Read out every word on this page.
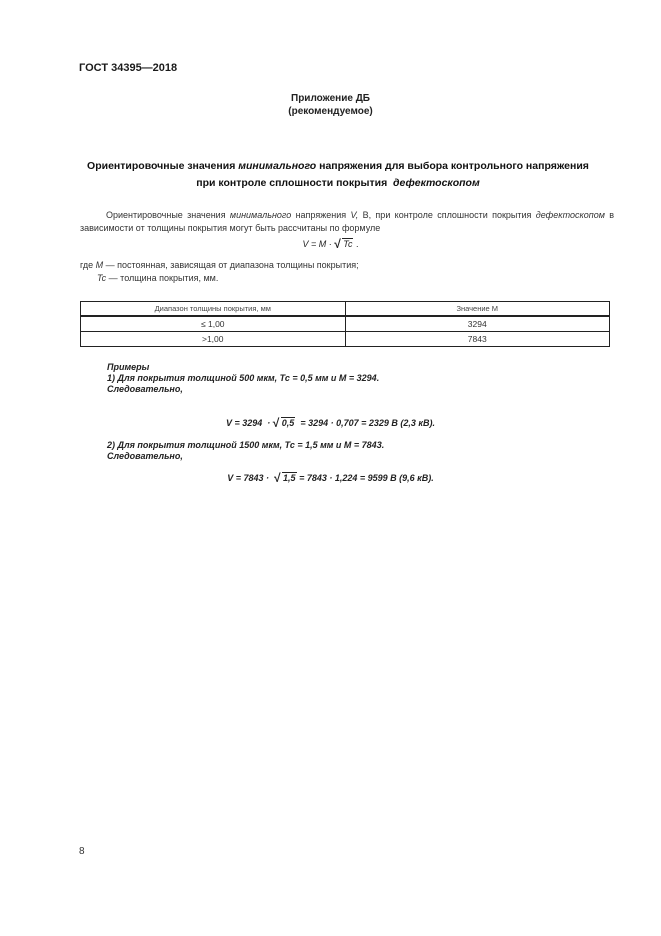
ГОСТ 34395—2018
Приложение ДБ
(рекомендуемое)
Ориентировочные значения минимального напряжения для выбора контрольного напряжения
при контроле сплошности покрытия  дефектоскопом
Ориентировочные значения минимального напряжения V, В, при контроле сплошности покрытия дефектоскопом в зависимости от толщины покрытия могут быть рассчитаны по формуле
V = M · √ Tc .
где M — постоянная, зависящая от диапазона толщины покрытия;
Tc — толщина покрытия, мм.
Диапазон толщины покрытия, мм	Значение M
≤ 1,00	3294
>1,00	7843
Примеры
1) Для покрытия толщиной 500 мкм, Tc = 0,5 мм и M = 3294.
Следовательно,
V = 3294  · √ 0,5  = 3294 · 0,707 = 2329 В (2,3 кВ).
2) Для покрытия толщиной 1500 мкм, Tc = 1,5 мм и M = 7843.
Следовательно,
V = 7843 · √ 1,5 = 7843 · 1,224 = 9599 В (9,6 кВ).
8
